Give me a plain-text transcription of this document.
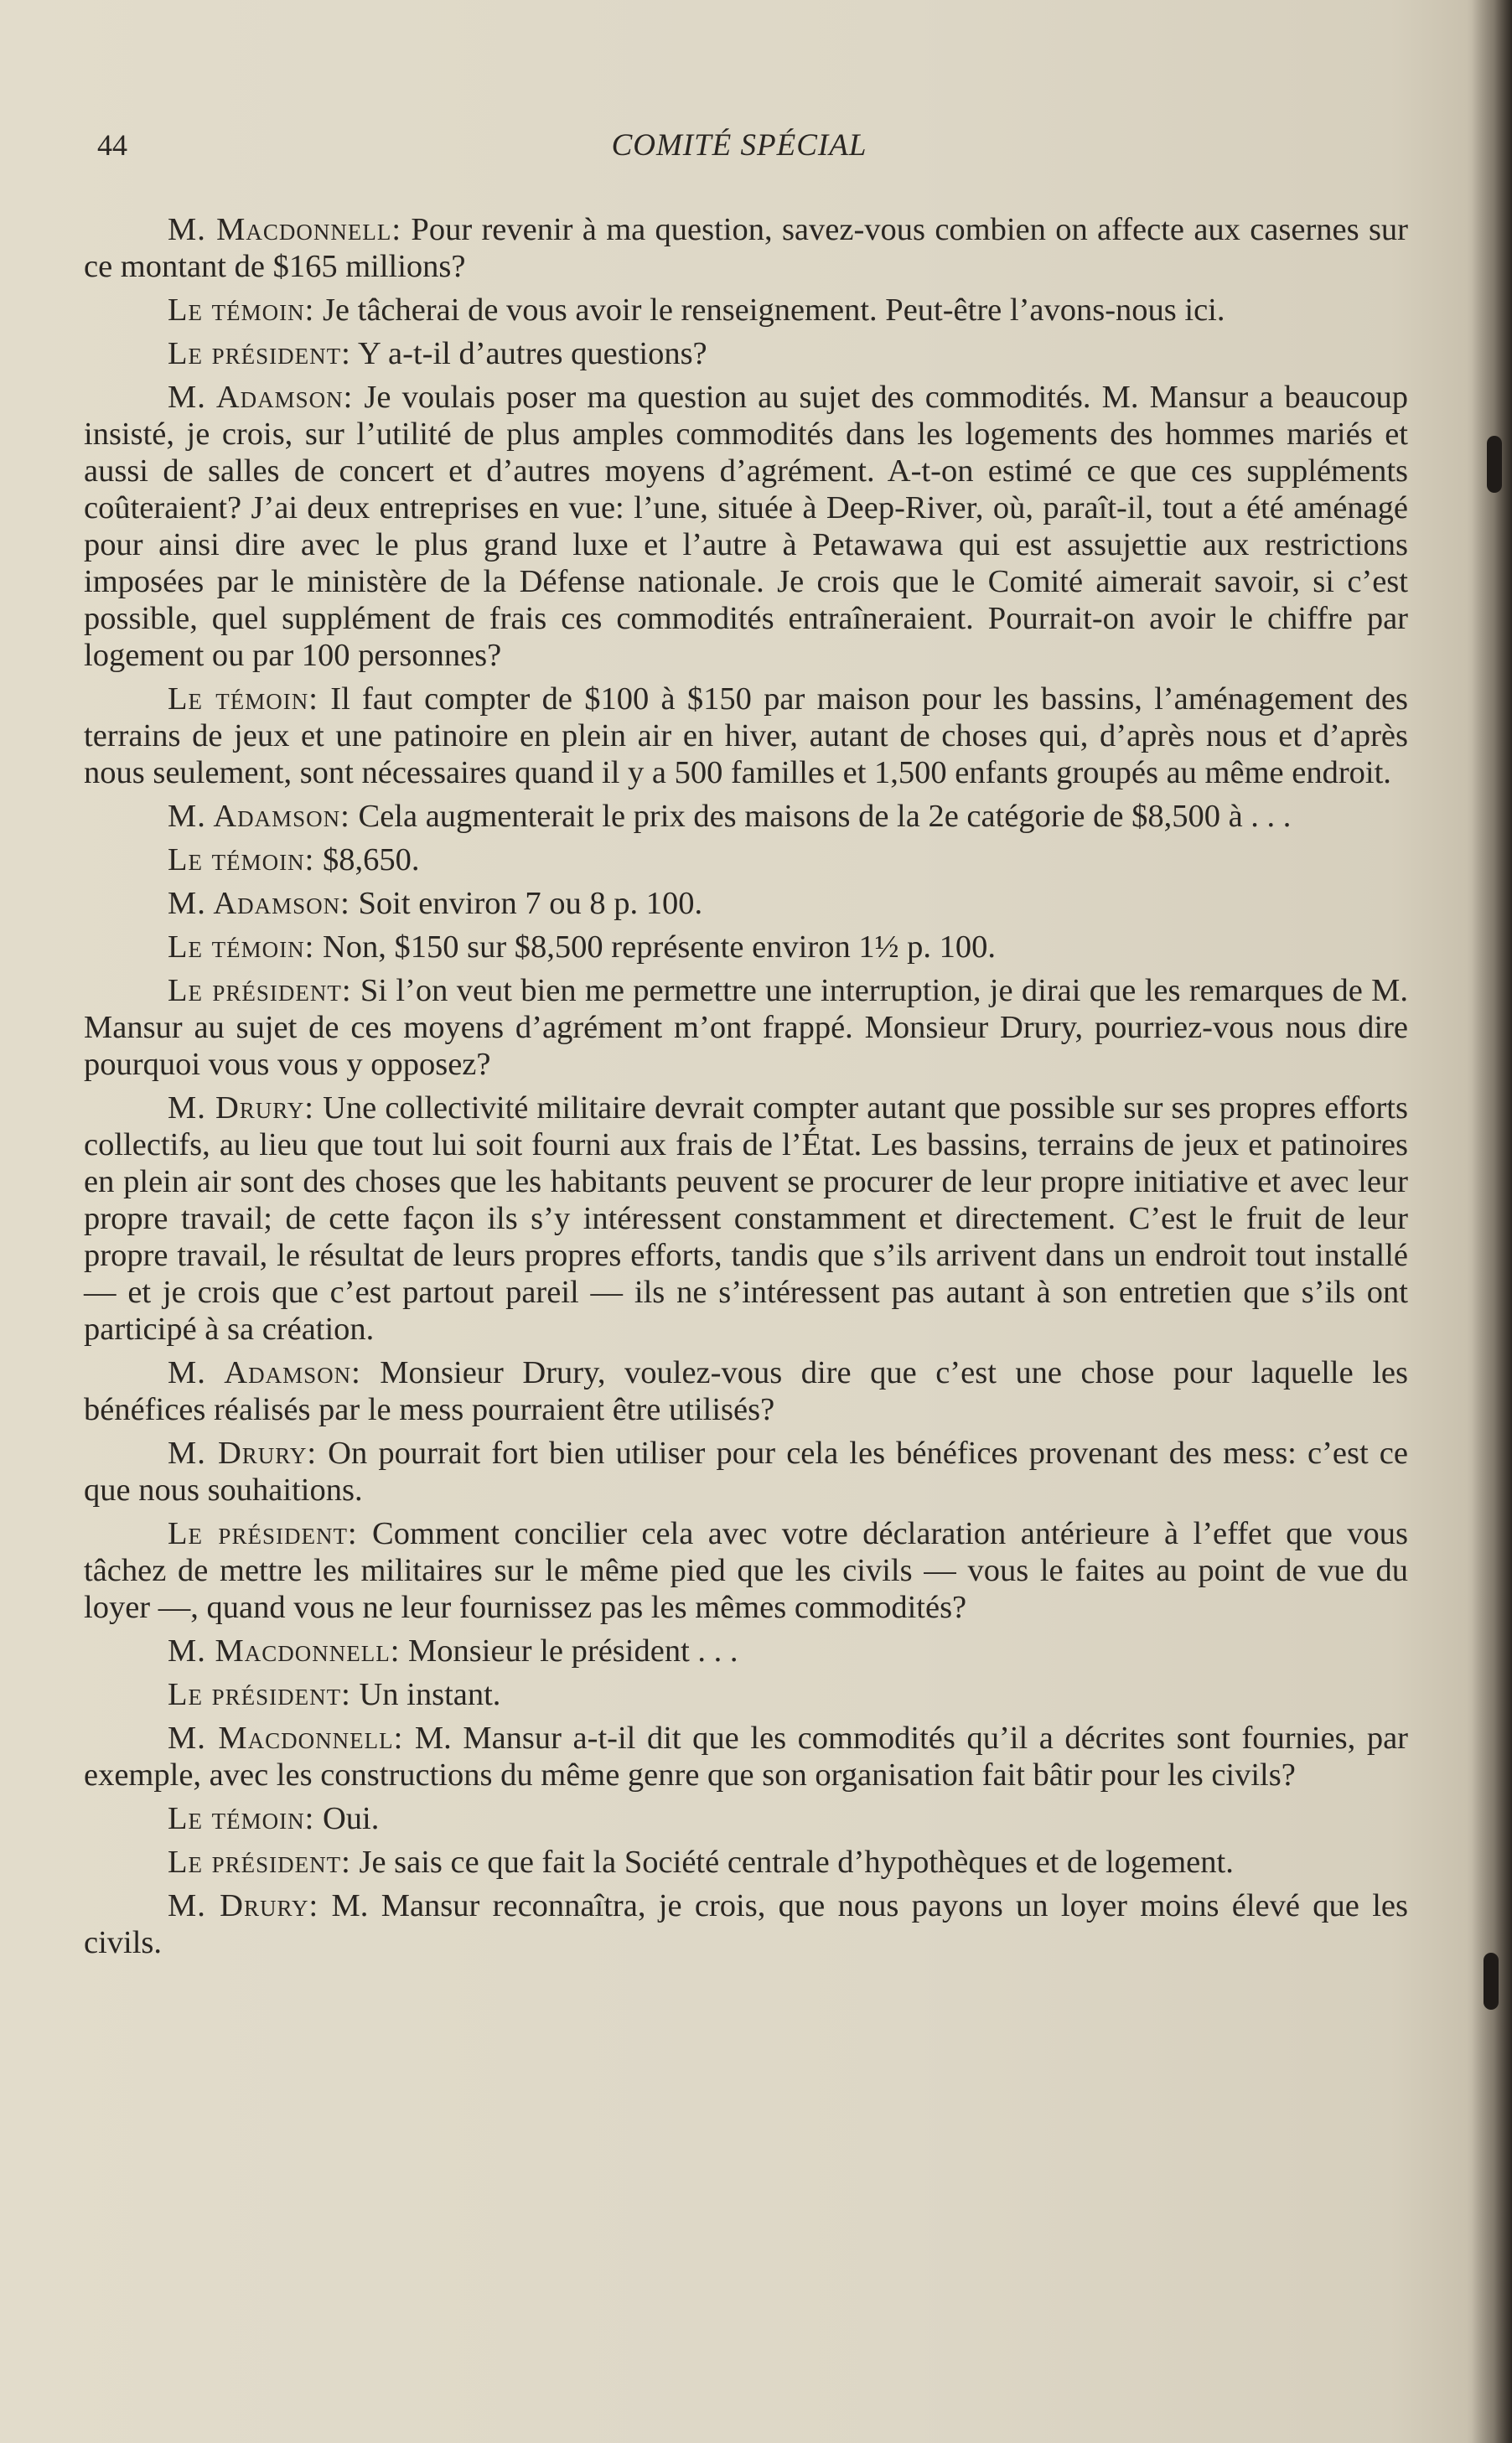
44	COMITÉ SPÉCIAL

M. Macdonnell: Pour revenir à ma question, savez-vous combien on affecte aux casernes sur ce montant de $165 millions?

Le témoin: Je tâcherai de vous avoir le renseignement. Peut-être l’avons-nous ici.

Le président: Y a-t-il d’autres questions?

M. Adamson: Je voulais poser ma question au sujet des commodités. M. Mansur a beaucoup insisté, je crois, sur l’utilité de plus amples commodités dans les logements des hommes mariés et aussi de salles de concert et d’autres moyens d’agrément. A-t-on estimé ce que ces suppléments coûteraient? J’ai deux entreprises en vue: l’une, située à Deep-River, où, paraît-il, tout a été aménagé pour ainsi dire avec le plus grand luxe et l’autre à Petawawa qui est assujettie aux restrictions imposées par le ministère de la Défense nationale. Je crois que le Comité aimerait savoir, si c’est possible, quel supplément de frais ces commodités entraîneraient. Pourrait-on avoir le chiffre par logement ou par 100 personnes?

Le témoin: Il faut compter de $100 à $150 par maison pour les bassins, l’aménagement des terrains de jeux et une patinoire en plein air en hiver, autant de choses qui, d’après nous et d’après nous seulement, sont nécessaires quand il y a 500 familles et 1,500 enfants groupés au même endroit.

M. Adamson: Cela augmenterait le prix des maisons de la 2e catégorie de $8,500 à . . .

Le témoin: $8,650.

M. Adamson: Soit environ 7 ou 8 p. 100.

Le témoin: Non, $150 sur $8,500 représente environ 1½ p. 100.

Le président: Si l’on veut bien me permettre une interruption, je dirai que les remarques de M. Mansur au sujet de ces moyens d’agrément m’ont frappé. Monsieur Drury, pourriez-vous nous dire pourquoi vous vous y opposez?

M. Drury: Une collectivité militaire devrait compter autant que possible sur ses propres efforts collectifs, au lieu que tout lui soit fourni aux frais de l’État. Les bassins, terrains de jeux et patinoires en plein air sont des choses que les habitants peuvent se procurer de leur propre initiative et avec leur propre travail; de cette façon ils s’y intéressent constamment et directement. C’est le fruit de leur propre travail, le résultat de leurs propres efforts, tandis que s’ils arrivent dans un endroit tout installé — et je crois que c’est partout pareil — ils ne s’intéressent pas autant à son entretien que s’ils ont participé à sa création.

M. Adamson: Monsieur Drury, voulez-vous dire que c’est une chose pour laquelle les bénéfices réalisés par le mess pourraient être utilisés?

M. Drury: On pourrait fort bien utiliser pour cela les bénéfices provenant des mess: c’est ce que nous souhaitions.

Le président: Comment concilier cela avec votre déclaration antérieure à l’effet que vous tâchez de mettre les militaires sur le même pied que les civils — vous le faites au point de vue du loyer —, quand vous ne leur fournissez pas les mêmes commodités?

M. Macdonnell: Monsieur le président . . .

Le président: Un instant.

M. Macdonnell: M. Mansur a-t-il dit que les commodités qu’il a décrites sont fournies, par exemple, avec les constructions du même genre que son organisation fait bâtir pour les civils?

Le témoin: Oui.

Le président: Je sais ce que fait la Société centrale d’hypothèques et de logement.

M. Drury: M. Mansur reconnaîtra, je crois, que nous payons un loyer moins élevé que les civils.
